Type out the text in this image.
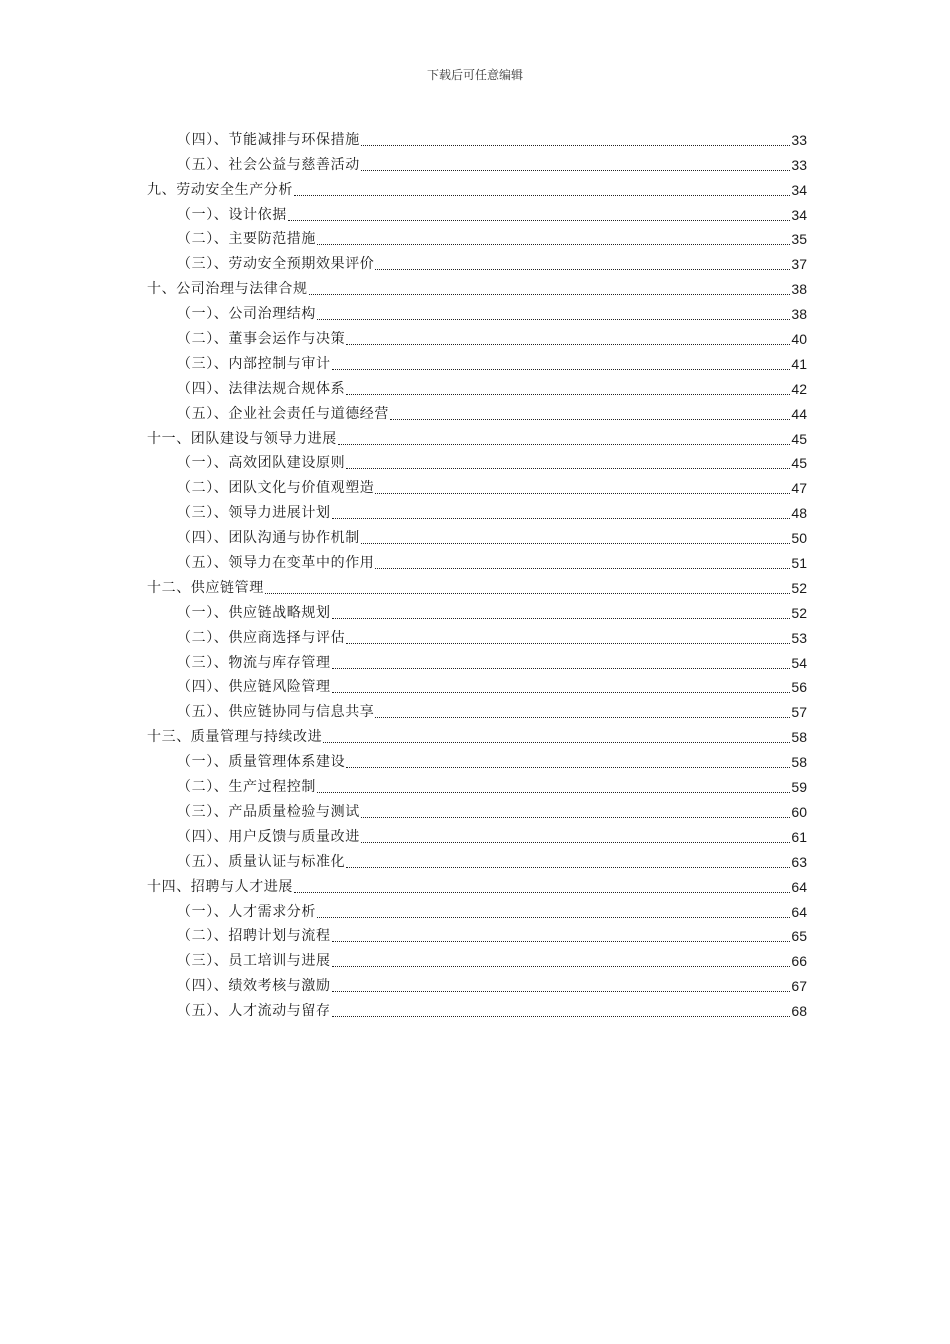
下载后可任意编辑
（四）、节能减排与环保措施	33
（五）、社会公益与慈善活动	33
九、劳动安全生产分析	34
（一）、设计依据	34
（二）、主要防范措施	35
（三）、劳动安全预期效果评价	37
十、公司治理与法律合规	38
（一）、公司治理结构	38
（二）、董事会运作与决策	40
（三）、内部控制与审计	41
（四）、法律法规合规体系	42
（五）、企业社会责任与道德经营	44
十一、团队建设与领导力进展	45
（一）、高效团队建设原则	45
（二）、团队文化与价值观塑造	47
（三）、领导力进展计划	48
（四）、团队沟通与协作机制	50
（五）、领导力在变革中的作用	51
十二、供应链管理	52
（一）、供应链战略规划	52
（二）、供应商选择与评估	53
（三）、物流与库存管理	54
（四）、供应链风险管理	56
（五）、供应链协同与信息共享	57
十三、质量管理与持续改进	58
（一）、质量管理体系建设	58
（二）、生产过程控制	59
（三）、产品质量检验与测试	60
（四）、用户反馈与质量改进	61
（五）、质量认证与标准化	63
十四、招聘与人才进展	64
（一）、人才需求分析	64
（二）、招聘计划与流程	65
（三）、员工培训与进展	66
（四）、绩效考核与激励	67
（五）、人才流动与留存	68
